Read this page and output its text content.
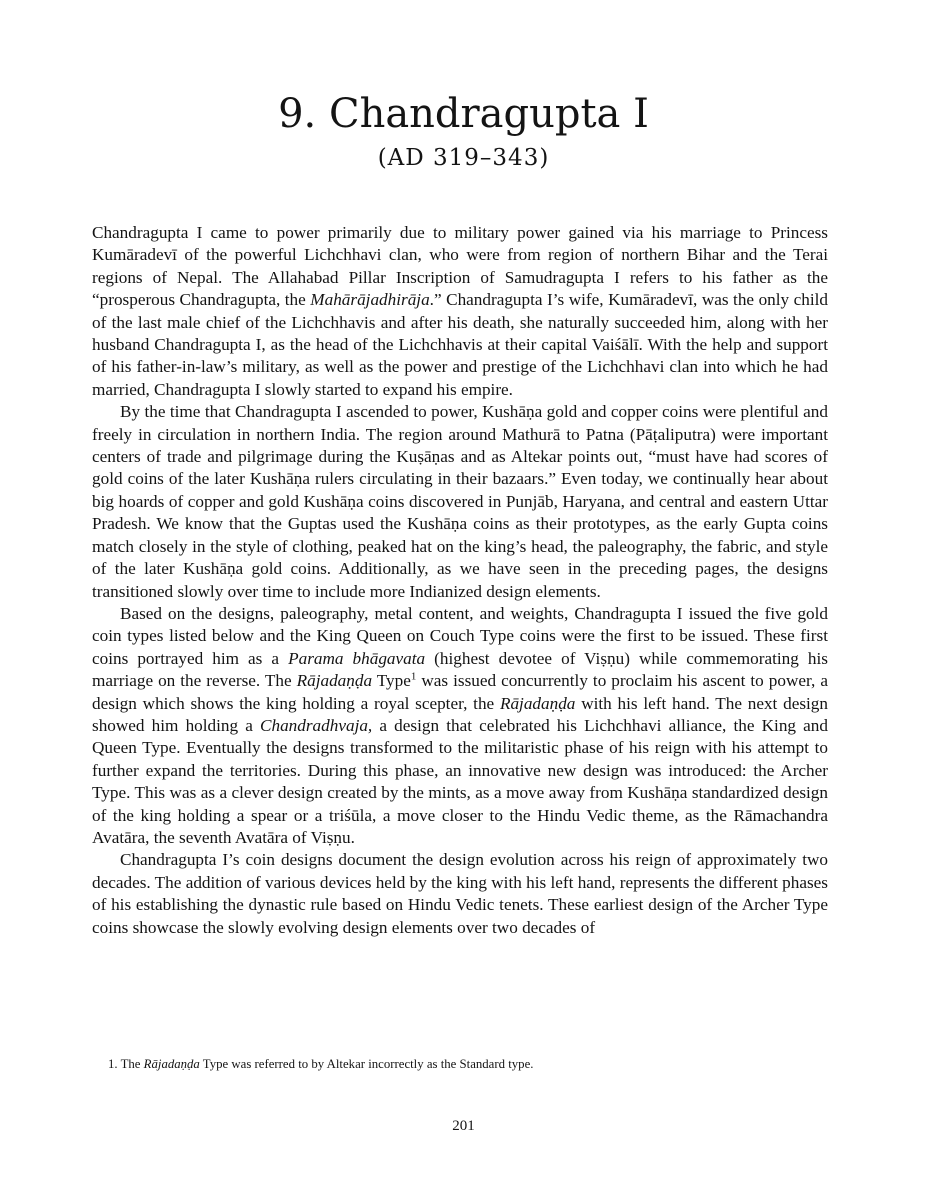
9. Chandragupta I
(AD 319–343)

Chandragupta I came to power primarily due to military power gained via his marriage to Princess Kumāradevī of the powerful Lichchhavi clan, who were from region of northern Bihar and the Terai regions of Nepal. The Allahabad Pillar Inscription of Samudragupta I refers to his father as the “prosperous Chandragupta, the Mahārājadhirāja.” Chandragupta I’s wife, Kumāradevī, was the only child of the last male chief of the Lichchhavis and after his death, she naturally succeeded him, along with her husband Chandragupta I, as the head of the Lichchhavis at their capital Vaiśālī. With the help and support of his father-in-law’s military, as well as the power and prestige of the Lichchhavi clan into which he had married, Chandragupta I slowly started to expand his empire.

By the time that Chandragupta I ascended to power, Kushāṇa gold and copper coins were plentiful and freely in circulation in northern India. The region around Mathurā to Patna (Pāṭaliputra) were important centers of trade and pilgrimage during the Kuṣāṇas and as Altekar points out, “must have had scores of gold coins of the later Kushāṇa rulers circulating in their bazaars.” Even today, we continually hear about big hoards of copper and gold Kushāṇa coins discovered in Punjāb, Haryana, and central and eastern Uttar Pradesh. We know that the Guptas used the Kushāṇa coins as their prototypes, as the early Gupta coins match closely in the style of clothing, peaked hat on the king’s head, the paleography, the fabric, and style of the later Kushāṇa gold coins. Additionally, as we have seen in the preceding pages, the designs transitioned slowly over time to include more Indianized design elements.

Based on the designs, paleography, metal content, and weights, Chandragupta I issued the five gold coin types listed below and the King Queen on Couch Type coins were the first to be issued. These first coins portrayed him as a Parama bhāgavata (highest devotee of Viṣṇu) while commemorating his marriage on the reverse. The Rājadaṇḍa Type$^1$ was issued concurrently to proclaim his ascent to power, a design which shows the king holding a royal scepter, the Rājadaṇḍa with his left hand. The next design showed him holding a Chandradhvaja, a design that celebrated his Lichchhavi alliance, the King and Queen Type. Eventually the designs transformed to the militaristic phase of his reign with his attempt to further expand the territories. During this phase, an innovative new design was introduced: the Archer Type. This was as a clever design created by the mints, as a move away from Kushāṇa standardized design of the king holding a spear or a triśūla, a move closer to the Hindu Vedic theme, as the Rāmachandra Avatāra, the seventh Avatāra of Viṣṇu.

Chandragupta I’s coin designs document the design evolution across his reign of approximately two decades. The addition of various devices held by the king with his left hand, represents the different phases of his establishing the dynastic rule based on Hindu Vedic tenets. These earliest design of the Archer Type coins showcase the slowly evolving design elements over two decades of

1. The Rājadaṇḍa Type was referred to by Altekar incorrectly as the Standard type.

201
